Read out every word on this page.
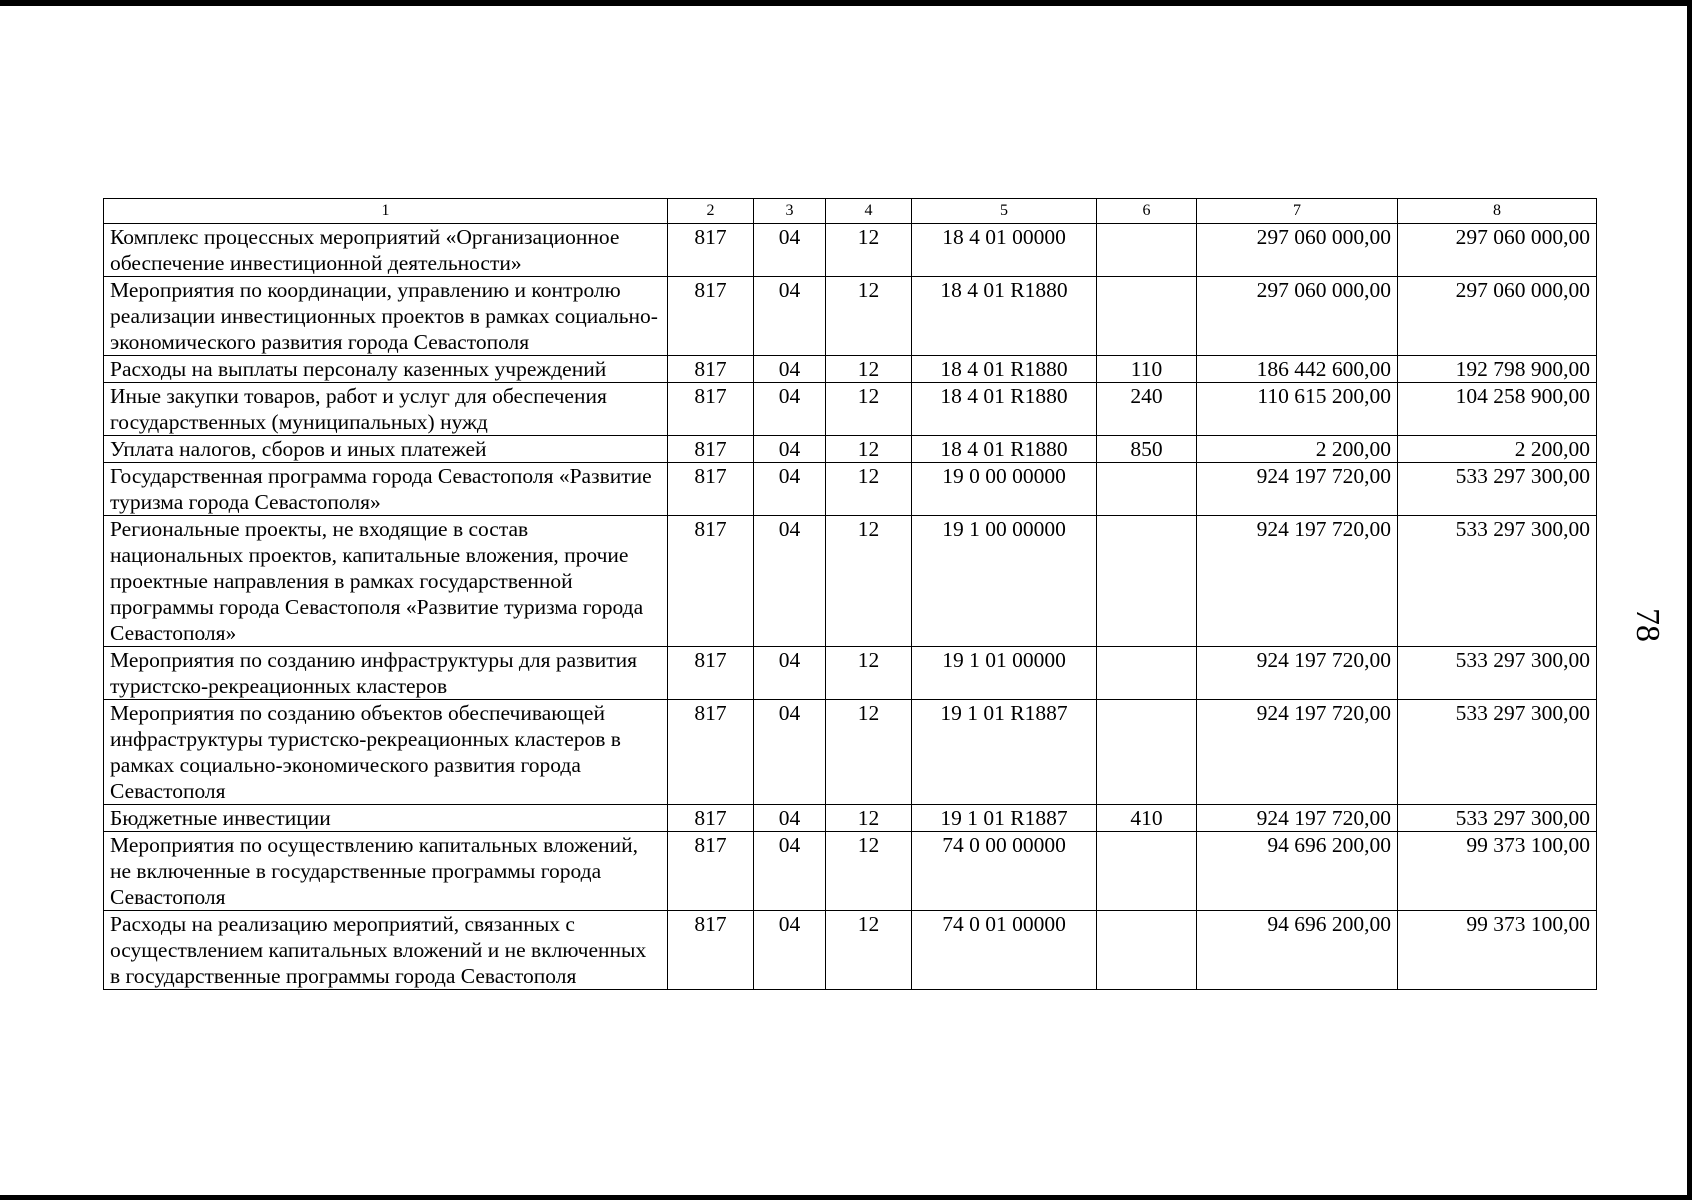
1	2	3	4	5	6	7	8
Комплекс процессных мероприятий «Организационное обеспечение инвестиционной деятельности»	817	04	12	18 4 01 00000		297 060 000,00	297 060 000,00
Мероприятия по координации, управлению и контролю реализации инвестиционных проектов в рамках социально-экономического развития города Севастополя	817	04	12	18 4 01 R1880		297 060 000,00	297 060 000,00
Расходы на выплаты персоналу казенных учреждений	817	04	12	18 4 01 R1880	110	186 442 600,00	192 798 900,00
Иные закупки товаров, работ и услуг для обеспечения государственных (муниципальных) нужд	817	04	12	18 4 01 R1880	240	110 615 200,00	104 258 900,00
Уплата налогов, сборов и иных платежей	817	04	12	18 4 01 R1880	850	2 200,00	2 200,00
Государственная программа города Севастополя «Развитие туризма города Севастополя»	817	04	12	19 0 00 00000		924 197 720,00	533 297 300,00
Региональные проекты, не входящие в состав национальных проектов, капитальные вложения, прочие проектные направления в рамках государственной программы города Севастополя «Развитие туризма города Севастополя»	817	04	12	19 1 00 00000		924 197 720,00	533 297 300,00
Мероприятия по созданию инфраструктуры для развития туристско-рекреационных кластеров	817	04	12	19 1 01 00000		924 197 720,00	533 297 300,00
Мероприятия по созданию объектов обеспечивающей инфраструктуры туристско-рекреационных кластеров в рамках социально-экономического развития города Севастополя	817	04	12	19 1 01 R1887		924 197 720,00	533 297 300,00
Бюджетные инвестиции	817	04	12	19 1 01 R1887	410	924 197 720,00	533 297 300,00
Мероприятия по осуществлению капитальных вложений, не включенные в государственные программы города Севастополя	817	04	12	74 0 00 00000		94 696 200,00	99 373 100,00
Расходы на реализацию мероприятий, связанных с осуществлением капитальных вложений и не включенных в государственные программы города Севастополя	817	04	12	74 0 01 00000		94 696 200,00	99 373 100,00
78
